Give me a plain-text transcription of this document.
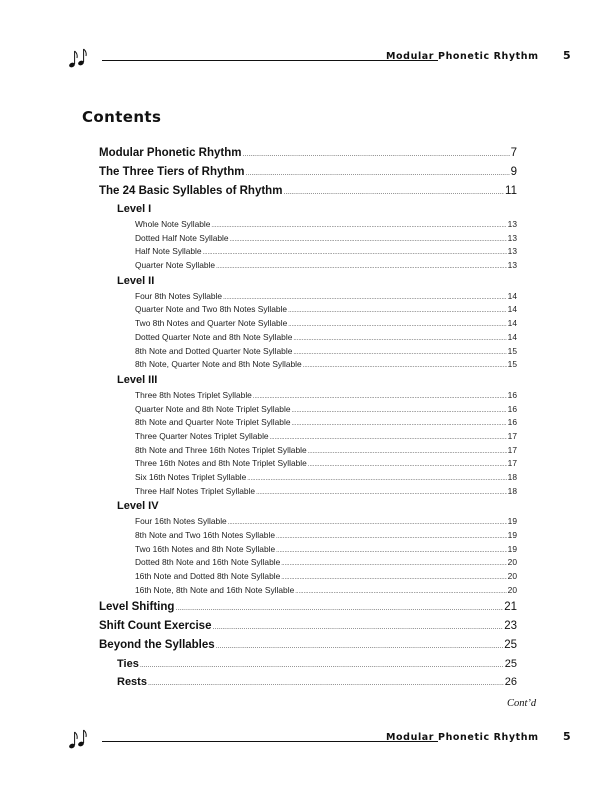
Modular Phonetic Rhythm 5
Contents
Modular Phonetic Rhythm .....	7
The Three Tiers of Rhythm .....	9
The 24 Basic Syllables of Rhythm .....	11
Level I
Whole Note Syllable .....	13
Dotted Half Note Syllable .....	13
Half Note Syllable .....	13
Quarter Note Syllable .....	13
Level II
Four 8th Notes Syllable .....	14
Quarter Note and Two 8th Notes Syllable .....	14
Two 8th Notes and Quarter Note Syllable .....	14
Dotted Quarter Note and 8th Note Syllable .....	14
8th Note and Dotted Quarter Note Syllable .....	15
8th Note, Quarter Note and 8th Note Syllable .....	15
Level III
Three 8th Notes Triplet Syllable .....	16
Quarter Note and 8th Note Triplet Syllable .....	16
8th Note and Quarter Note Triplet Syllable .....	16
Three Quarter Notes Triplet Syllable .....	17
8th Note and Three 16th Notes Triplet Syllable .....	17
Three 16th Notes and 8th Note Triplet Syllable .....	17
Six 16th Notes Triplet Syllable .....	18
Three Half Notes Triplet Syllable .....	18
Level IV
Four 16th Notes Syllable .....	19
8th Note and Two 16th Notes Syllable .....	19
Two 16th Notes and 8th Note Syllable .....	19
Dotted 8th Note and 16th Note Syllable .....	20
16th Note and Dotted 8th Note Syllable .....	20
16th Note, 8th Note and 16th Note Syllable .....	20
Level Shifting .....	21
Shift Count Exercise .....	23
Beyond the Syllables .....	25
Ties .....	25
Rests .....	26
Cont’d
Modular Phonetic Rhythm 5
